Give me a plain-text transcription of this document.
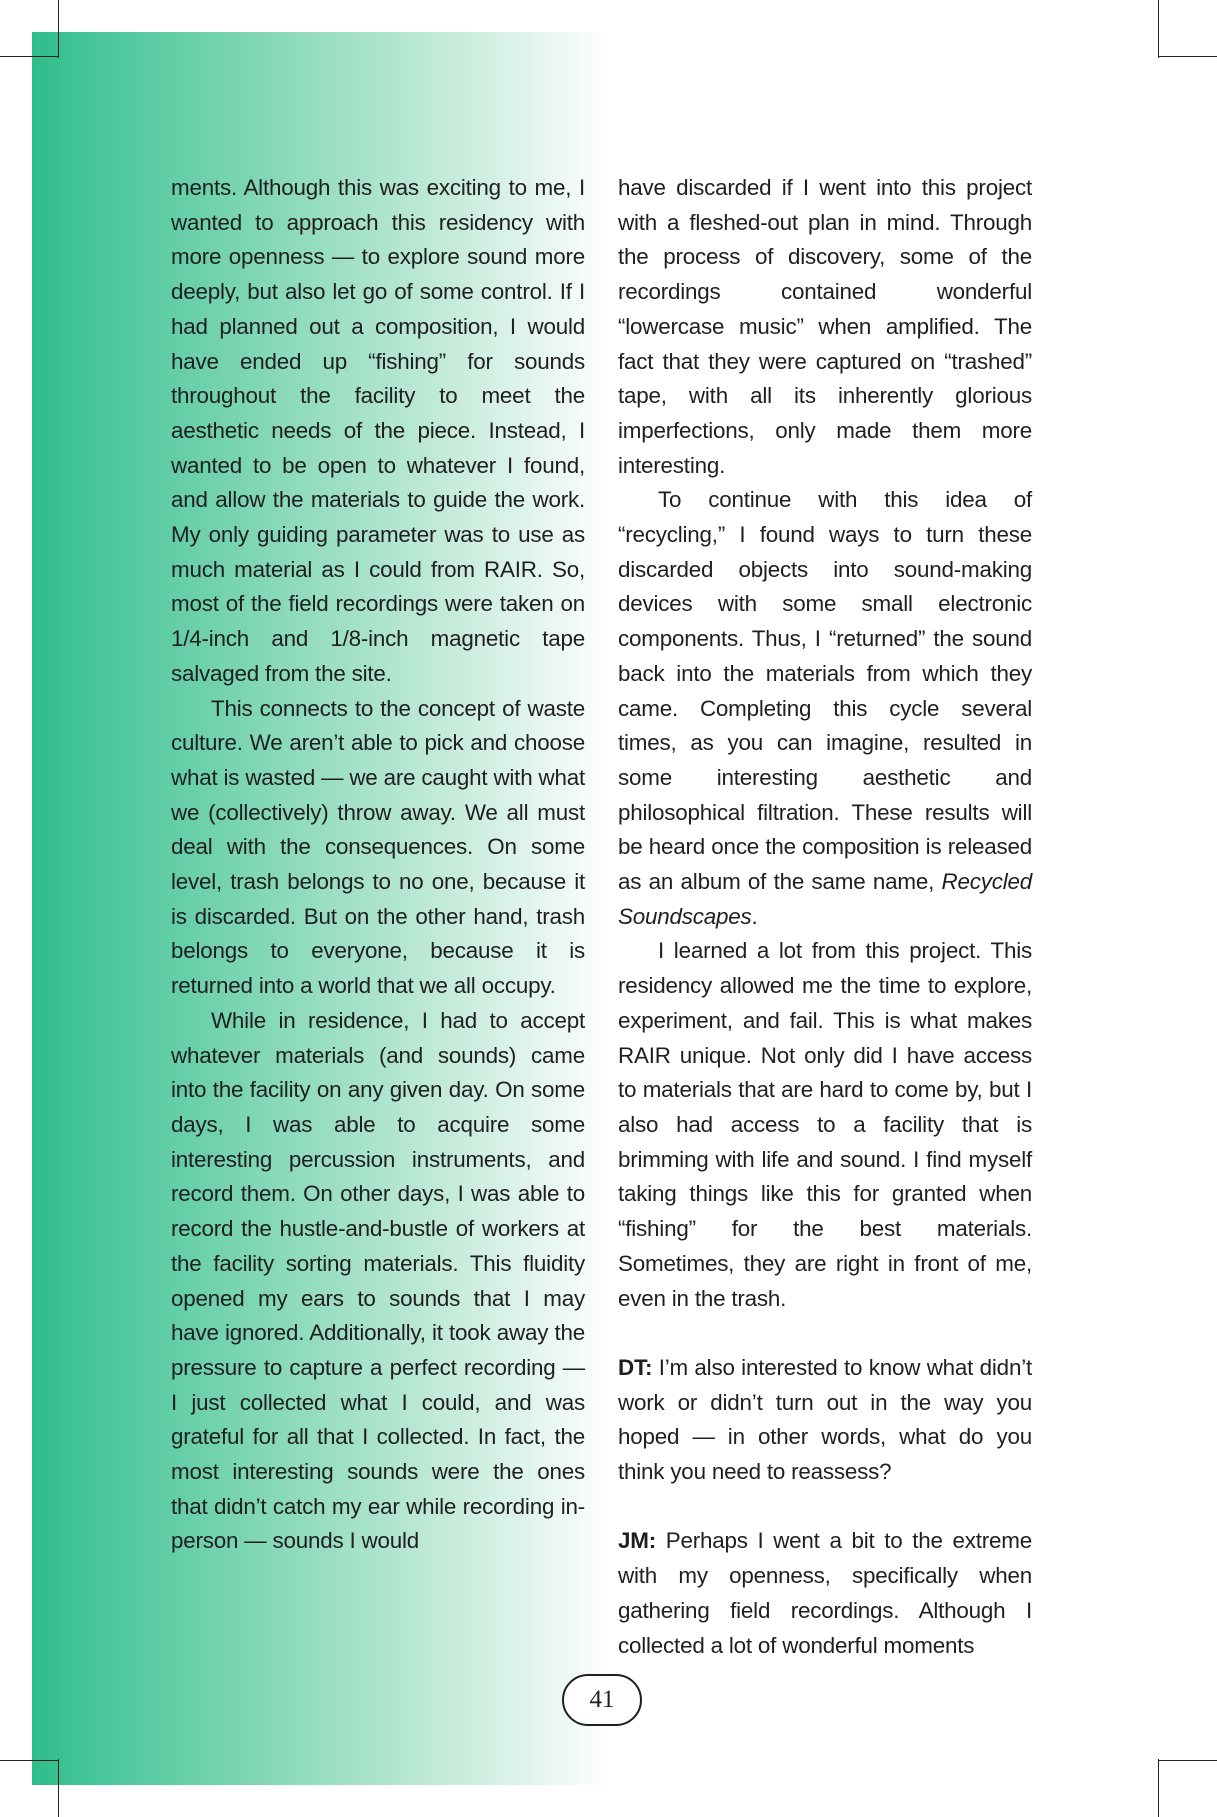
ments. Although this was exciting to me, I wanted to approach this residency with more openness — to explore sound more deeply, but also let go of some control. If I had planned out a composition, I would have ended up “fishing” for sounds throughout the facility to meet the aesthetic needs of the piece. Instead, I wanted to be open to whatever I found, and allow the materials to guide the work. My only guiding parameter was to use as much material as I could from RAIR. So, most of the field recordings were taken on 1/4-inch and 1/8-inch magnetic tape salvaged from the site.

This connects to the concept of waste culture. We aren’t able to pick and choose what is wasted — we are caught with what we (collectively) throw away. We all must deal with the consequences. On some level, trash belongs to no one, because it is discarded. But on the other hand, trash belongs to everyone, because it is returned into a world that we all occupy.

While in residence, I had to accept whatever materials (and sounds) came into the facility on any given day. On some days, I was able to acquire some interesting percussion instruments, and record them. On other days, I was able to record the hustle-and-bustle of workers at the facility sorting materials. This fluidity opened my ears to sounds that I may have ignored. Additionally, it took away the pressure to capture a perfect recording — I just collected what I could, and was grateful for all that I collected. In fact, the most interesting sounds were the ones that didn’t catch my ear while recording in-person — sounds I would

have discarded if I went into this project with a fleshed-out plan in mind. Through the process of discovery, some of the recordings contained wonderful “lowercase music” when amplified. The fact that they were captured on “trashed” tape, with all its inherently glorious imperfections, only made them more interesting.

To continue with this idea of “recycling,” I found ways to turn these discarded objects into sound-making devices with some small electronic components. Thus, I “returned” the sound back into the materials from which they came. Completing this cycle several times, as you can imagine, resulted in some interesting aesthetic and philosophical filtration. These results will be heard once the composition is released as an album of the same name, Recycled Soundscapes.

I learned a lot from this project. This residency allowed me the time to explore, experiment, and fail. This is what makes RAIR unique. Not only did I have access to materials that are hard to come by, but I also had access to a facility that is brimming with life and sound. I find myself taking things like this for granted when “fishing” for the best materials. Sometimes, they are right in front of me, even in the trash.

DT: I’m also interested to know what didn’t work or didn’t turn out in the way you hoped — in other words, what do you think you need to reassess?

JM: Perhaps I went a bit to the extreme with my openness, specifically when gathering field recordings. Although I collected a lot of wonderful moments

41
